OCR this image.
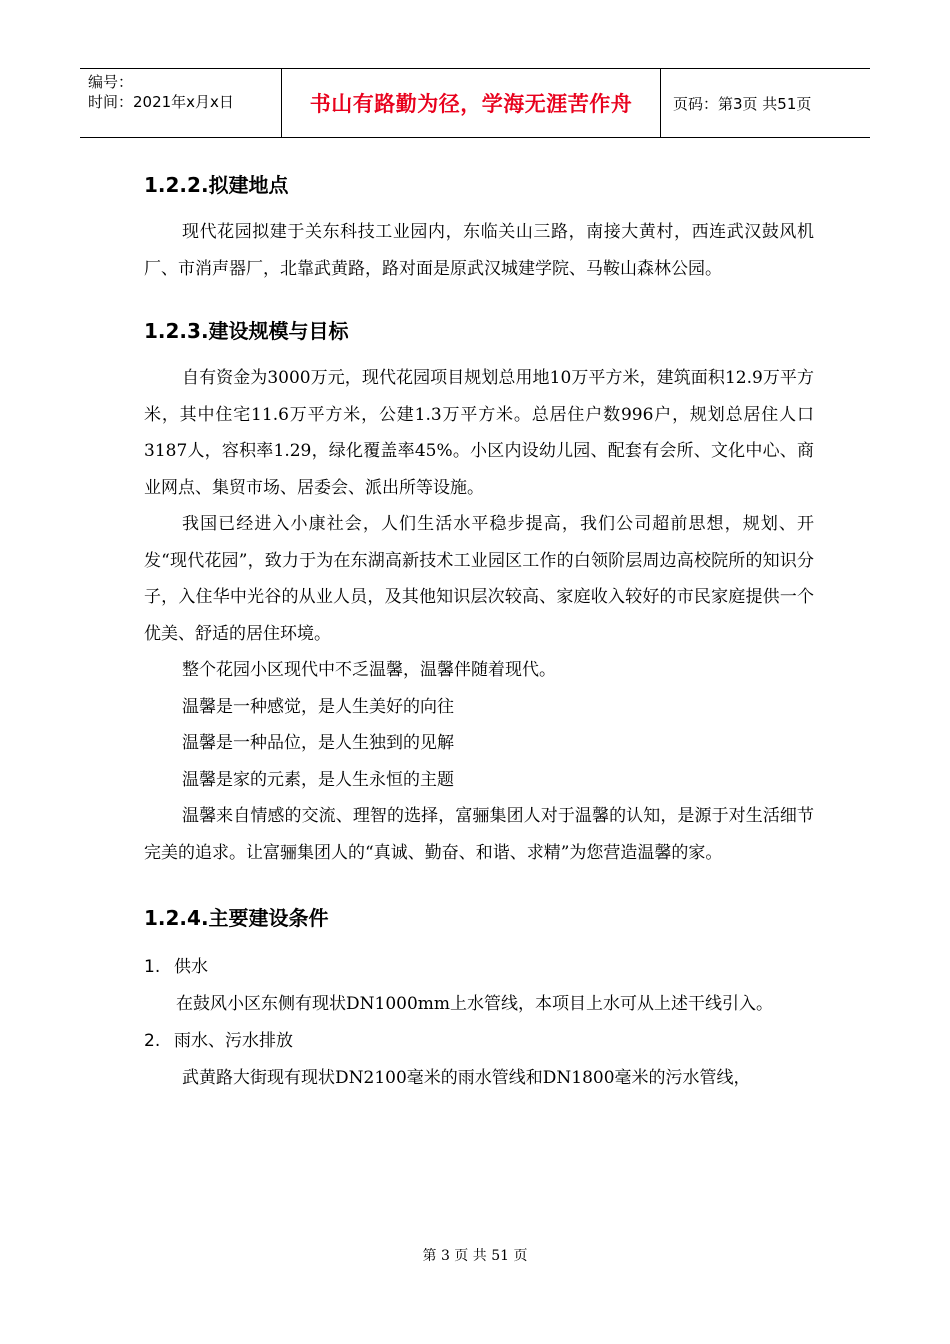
编号：
时间：2021年x月x日	书山有路勤为径，学海无涯苦作舟	页码：第3页 共51页
1.2.2.拟建地点

现代花园拟建于关东科技工业园内，东临关山三路，南接大黄村，西连武汉鼓风机厂、市消声器厂，北靠武黄路，路对面是原武汉城建学院、马鞍山森林公园。

1.2.3.建设规模与目标

自有资金为3000万元，现代花园项目规划总用地10万平方米，建筑面积12.9万平方米，其中住宅11.6万平方米，公建1.3万平方米。总居住户数996户，规划总居住人口3187人，容积率1.29，绿化覆盖率45%。小区内设幼儿园、配套有会所、文化中心、商业网点、集贸市场、居委会、派出所等设施。

我国已经进入小康社会，人们生活水平稳步提高，我们公司超前思想，规划、开发“现代花园”，致力于为在东湖高新技术工业园区工作的白领阶层周边高校院所的知识分子，入住华中光谷的从业人员，及其他知识层次较高、家庭收入较好的市民家庭提供一个优美、舒适的居住环境。

整个花园小区现代中不乏温馨，温馨伴随着现代。

温馨是一种感觉，是人生美好的向往

温馨是一种品位，是人生独到的见解

温馨是家的元素，是人生永恒的主题

温馨来自情感的交流、理智的选择，富骊集团人对于温馨的认知，是源于对生活细节完美的追求。让富骊集团人的“真诚、勤奋、和谐、求精”为您营造温馨的家。

1.2.4.主要建设条件
1. 供水

在鼓风小区东侧有现状DN1000mm上水管线，本项目上水可从上述干线引入。

2. 雨水、污水排放

武黄路大街现有现状DN2100毫米的雨水管线和DN1800毫米的污水管线，

第 3 页 共 51 页
